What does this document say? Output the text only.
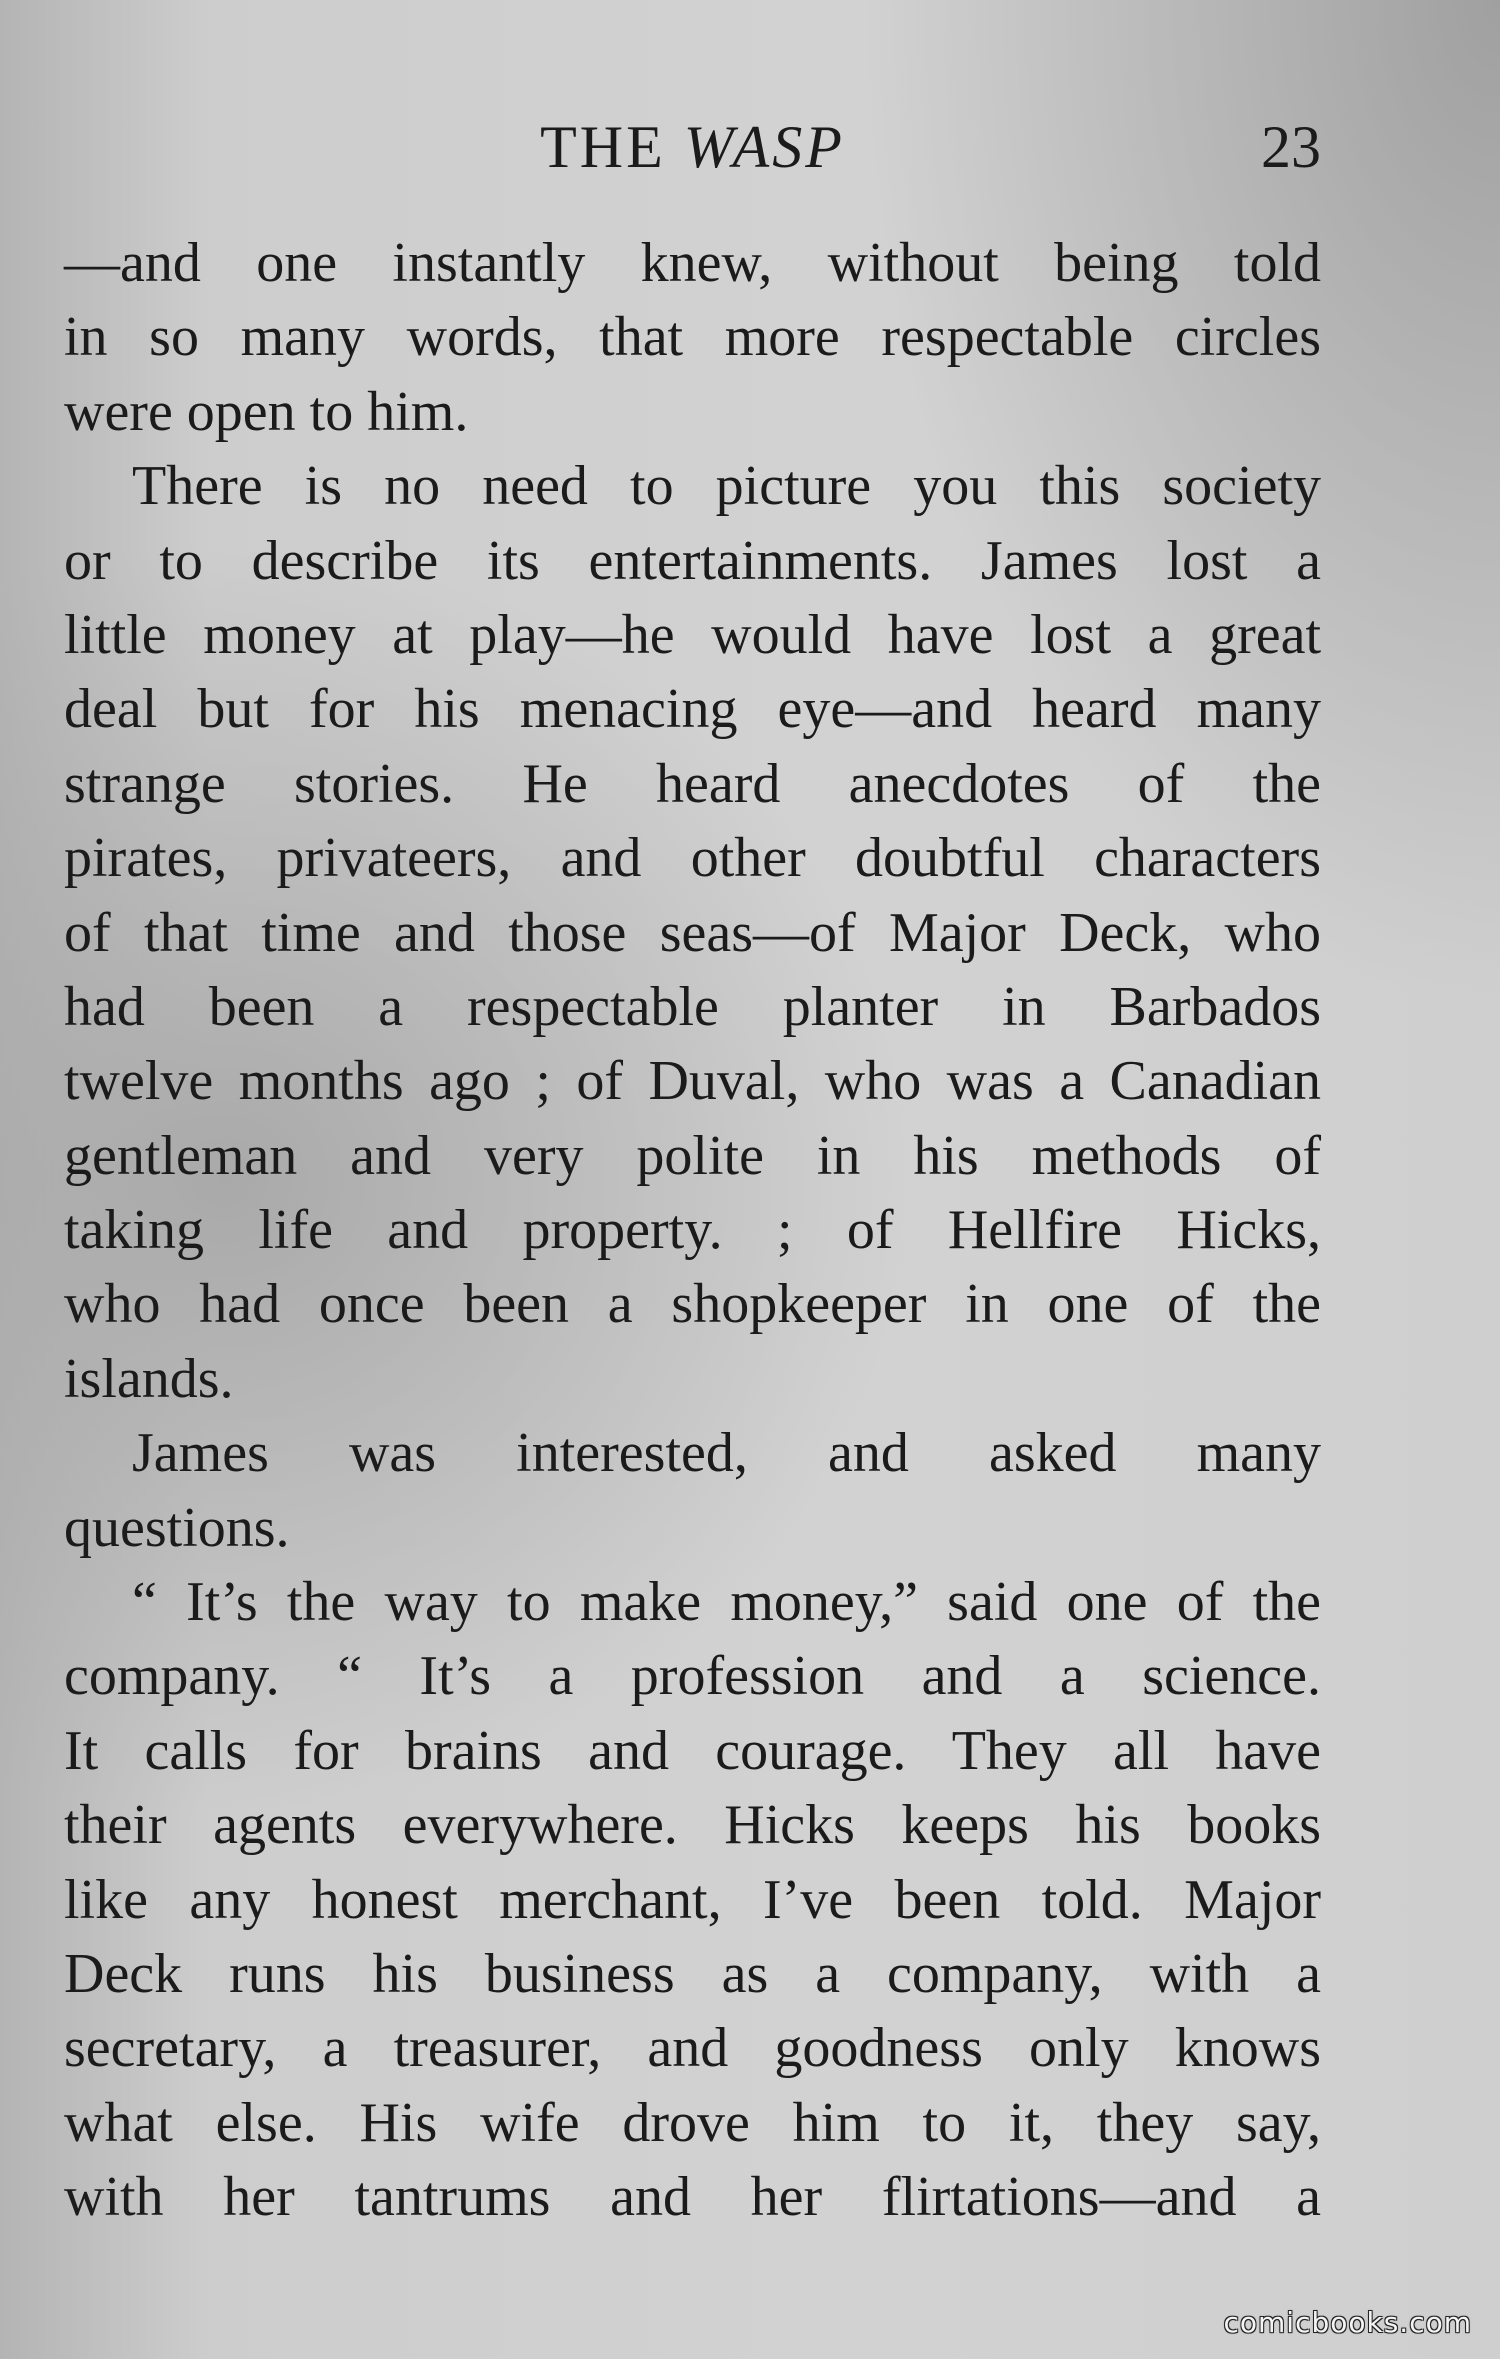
THE WASP	23
—and one instantly knew, without being told
in so many words, that more respectable circles
were open to him.
There is no need to picture you this society
or to describe its entertainments. James lost a
little money at play—he would have lost a great
deal but for his menacing eye—and heard many
strange stories. He heard anecdotes of the
pirates, privateers, and other doubtful characters
of that time and those seas—of Major Deck, who
had been a respectable planter in Barbados
twelve months ago ; of Duval, who was a Canadian
gentleman and very polite in his methods of
taking life and property. ; of Hellfire Hicks,
who had once been a shopkeeper in one of the
islands.
James was interested, and asked many
questions.
“ It’s the way to make money,” said one of the
company. “ It’s a profession and a science.
It calls for brains and courage. They all have
their agents everywhere. Hicks keeps his books
like any honest merchant, I’ve been told. Major
Deck runs his business as a company, with a
secretary, a treasurer, and goodness only knows
what else. His wife drove him to it, they say,
with her tantrums and her flirtations—and a
comicbooks.com
